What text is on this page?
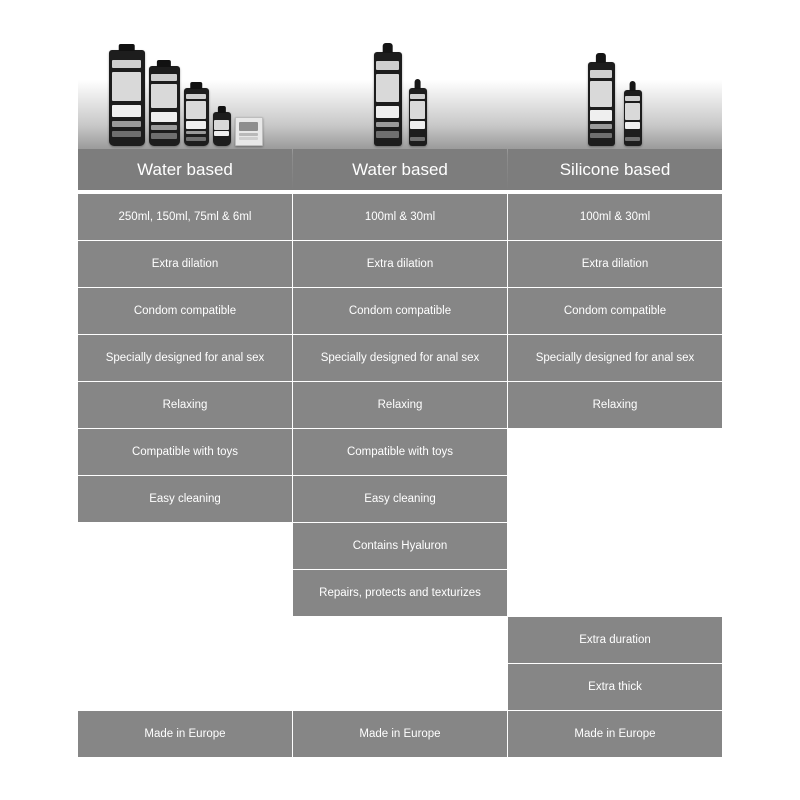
Water based	Water based	Silicone based
250ml, 150ml, 75ml & 6ml
Extra dilation
Condom compatible
Specially designed for anal sex
Relaxing
Compatible with toys
Easy cleaning
Made in Europe
100ml & 30ml
Extra dilation
Condom compatible
Specially designed for anal sex
Relaxing
Compatible with toys
Easy cleaning
Contains Hyaluron
Repairs, protects and texturizes
Made in Europe
100ml & 30ml
Extra dilation
Condom compatible
Specially designed for anal sex
Relaxing
Extra duration
Extra thick
Made in Europe
